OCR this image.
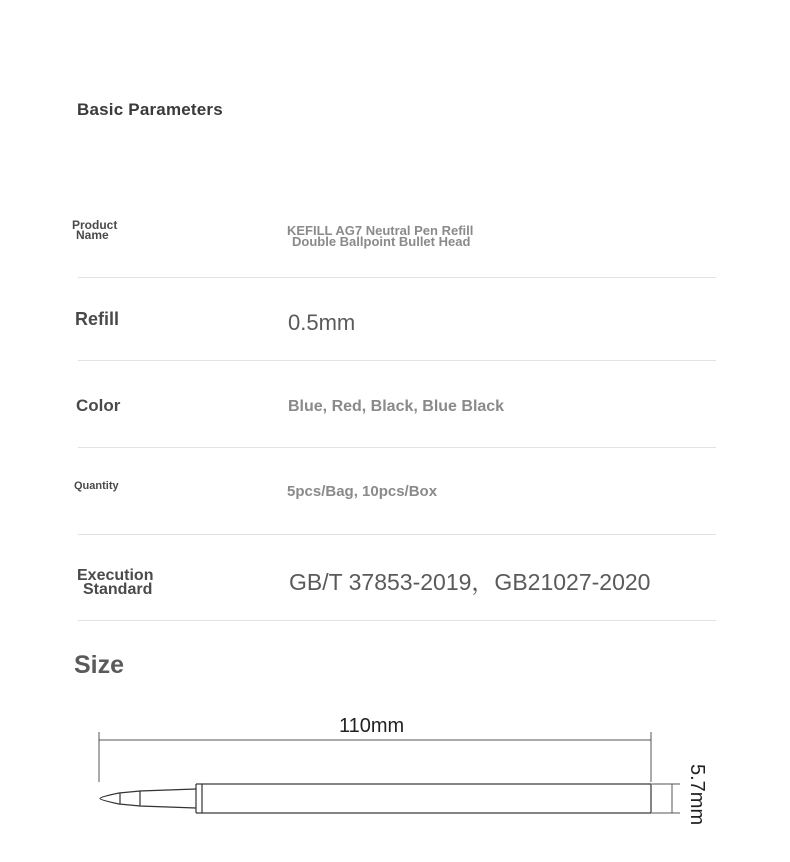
Basic Parameters
Product
Name	KEFILL AG7 Neutral Pen Refill
Double Ballpoint Bullet Head
Refill	0.5mm
Color	Blue, Red, Black, Blue Black
Quantity	5pcs/Bag, 10pcs/Box
Execution
Standard	GB/T 37853-2019，GB21027-2020
Size
110mm
5.7mm
